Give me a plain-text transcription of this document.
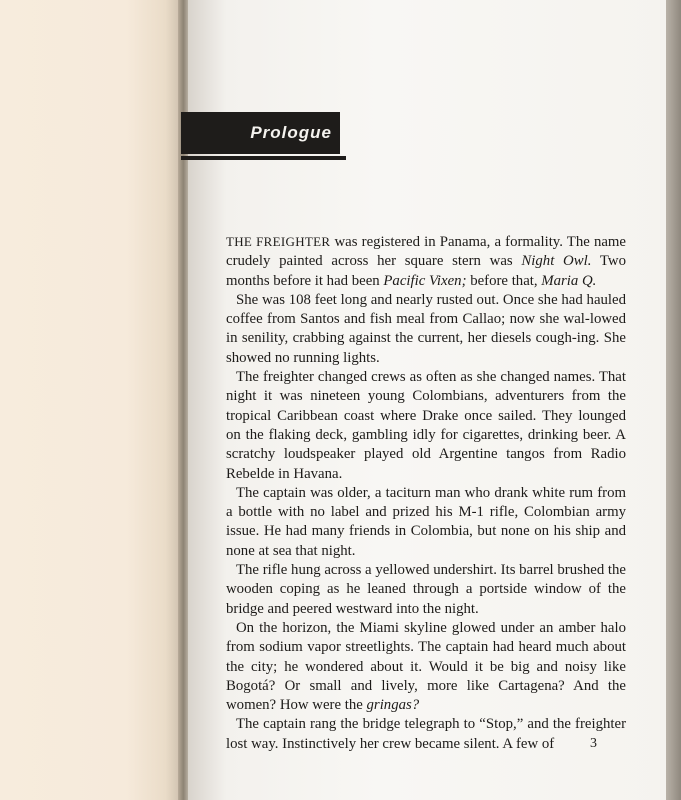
Prologue

THE FREIGHTER was registered in Panama, a formality. The name crudely painted across her square stern was Night Owl. Two months before it had been Pacific Vixen; before that, Maria Q.

She was 108 feet long and nearly rusted out. Once she had hauled coffee from Santos and fish meal from Callao; now she wal-lowed in senility, crabbing against the current, her diesels cough-ing. She showed no running lights.

The freighter changed crews as often as she changed names. That night it was nineteen young Colombians, adventurers from the tropical Caribbean coast where Drake once sailed. They lounged on the flaking deck, gambling idly for cigarettes, drinking beer. A scratchy loudspeaker played old Argentine tangos from Radio Rebelde in Havana.

The captain was older, a taciturn man who drank white rum from a bottle with no label and prized his M-1 rifle, Colombian army issue. He had many friends in Colombia, but none on his ship and none at sea that night.

The rifle hung across a yellowed undershirt. Its barrel brushed the wooden coping as he leaned through a portside window of the bridge and peered westward into the night.

On the horizon, the Miami skyline glowed under an amber halo from sodium vapor streetlights. The captain had heard much about the city; he wondered about it. Would it be big and noisy like Bogotá? Or small and lively, more like Cartagena? And the women? How were the gringas?

The captain rang the bridge telegraph to “Stop,” and the freighter lost way. Instinctively her crew became silent. A few of	3
